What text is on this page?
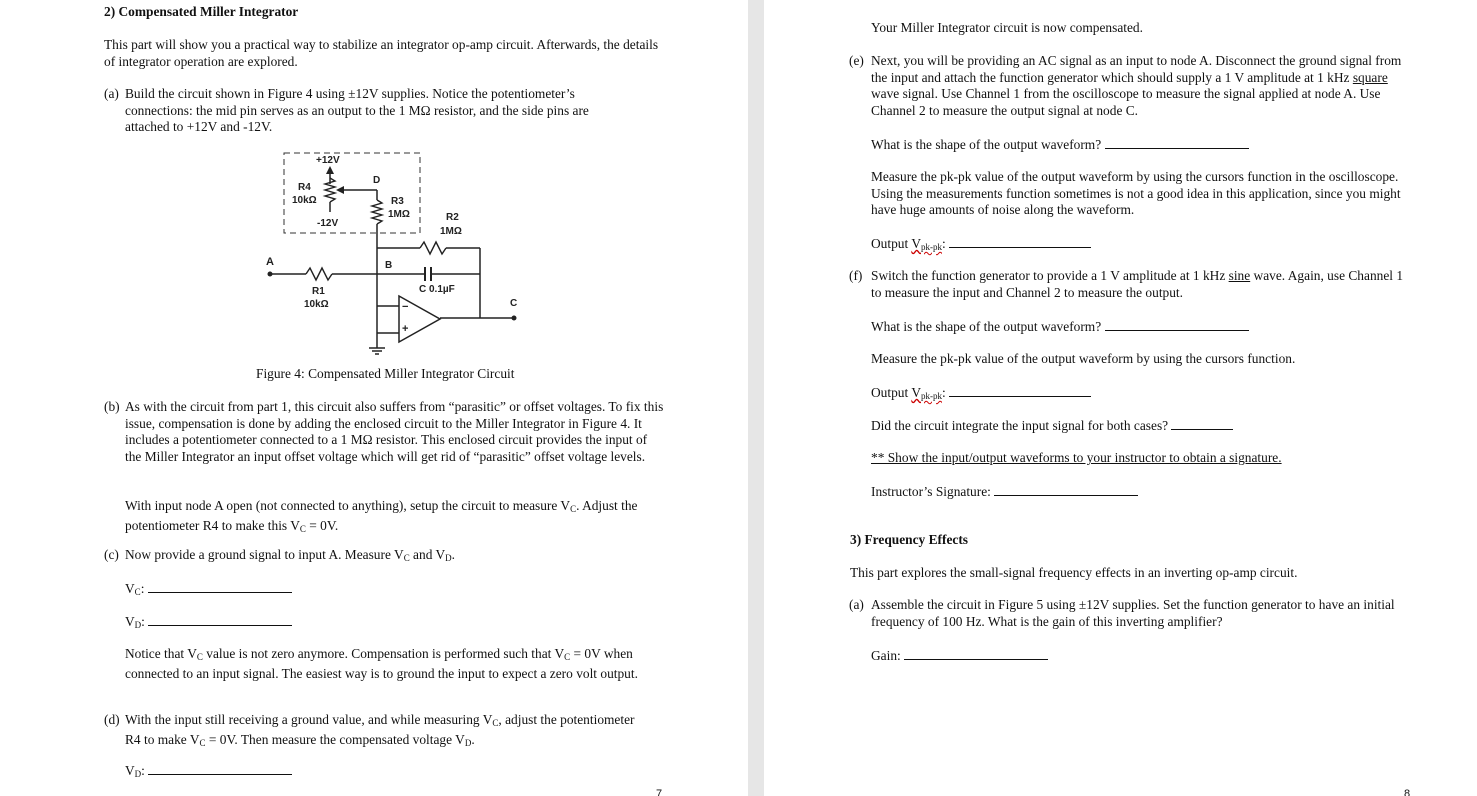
2) Compensated Miller Integrator
This part will show you a practical way to stabilize an integrator op-amp circuit. Afterwards, the details of integrator operation are explored.
(a) Build the circuit shown in Figure 4 using ±12V supplies. Notice the potentiometer’s connections: the mid pin serves as an output to the 1 MΩ resistor, and the side pins are attached to +12V and -12V.
+12V
R4
10kΩ
-12V
D
R3
1MΩ	R2
1MΩ
C 0.1µF
A
R1
10kΩ
B
−
+
C
Figure 4: Compensated Miller Integrator Circuit
(b) As with the circuit from part 1, this circuit also suffers from “parasitic” or offset voltages. To fix this issue, compensation is done by adding the enclosed circuit to the Miller Integrator in Figure 4. It includes a potentiometer connected to a 1 MΩ resistor. This enclosed circuit provides the input of the Miller Integrator an input offset voltage which will get rid of “parasitic” offset voltage levels.
With input node A open (not connected to anything), setup the circuit to measure $V_C$. Adjust the potentiometer R4 to make this $V_C = 0V$.
(c) Now provide a ground signal to input A. Measure $V_C$ and $V_D$.
$V_C$:
$V_D$:
Notice that $V_C$ value is not zero anymore. Compensation is performed such that $V_C = 0V$ when connected to an input signal. The easiest way is to ground the input to expect a zero volt output.
(d) With the input still receiving a ground value, and while measuring $V_C$, adjust the potentiometer R4 to make $V_C = 0V$. Then measure the compensated voltage $V_D$.
$V_D$:
7
Your Miller Integrator circuit is now compensated.
(e) Next, you will be providing an AC signal as an input to node A. Disconnect the ground signal from the input and attach the function generator which should supply a 1 V amplitude at 1 kHz square wave signal. Use Channel 1 from the oscilloscope to measure the signal applied at node A. Use Channel 2 to measure the output signal at node C.
What is the shape of the output waveform?
Measure the pk-pk value of the output waveform by using the cursors function in the oscilloscope. Using the measurements function sometimes is not a good idea in this application, since you might have huge amounts of noise along the waveform.
Output $V_{pk-pk}$:
(f) Switch the function generator to provide a 1 V amplitude at 1 kHz sine wave. Again, use Channel 1 to measure the input and Channel 2 to measure the output.
What is the shape of the output waveform?
Measure the pk-pk value of the output waveform by using the cursors function.
Output $V_{pk-pk}$:
Did the circuit integrate the input signal for both cases?
** Show the input/output waveforms to your instructor to obtain a signature.
Instructor’s Signature:
3) Frequency Effects
This part explores the small-signal frequency effects in an inverting op-amp circuit.
(a) Assemble the circuit in Figure 5 using ±12V supplies. Set the function generator to have an initial frequency of 100 Hz. What is the gain of this inverting amplifier?
Gain:
8
